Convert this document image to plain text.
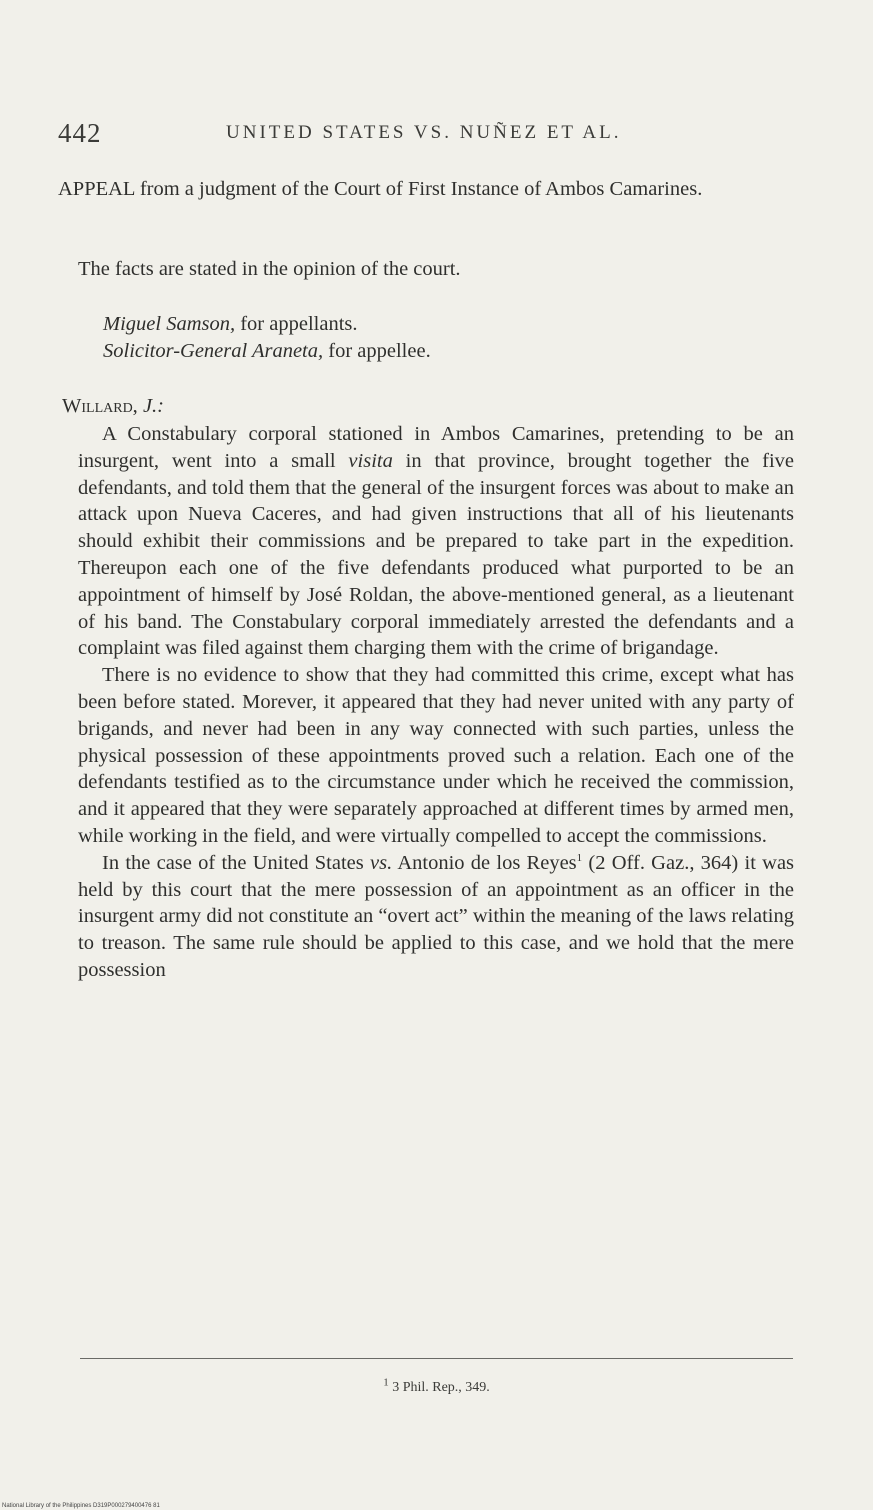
442	UNITED STATES VS. NUÑEZ ET AL.
APPEAL from a judgment of the Court of First Instance of Ambos Camarines.
The facts are stated in the opinion of the court.
Miguel Samson, for appellants.
Solicitor-General Araneta, for appellee.
Willard, J.:

A Constabulary corporal stationed in Ambos Camarines, pretending to be an insurgent, went into a small visita in that province, brought together the five defendants, and told them that the general of the insurgent forces was about to make an attack upon Nueva Caceres, and had given instructions that all of his lieutenants should exhibit their commissions and be prepared to take part in the expedition. Thereupon each one of the five defendants produced what purported to be an appointment of himself by José Roldan, the above-mentioned general, as a lieutenant of his band. The Constabulary corporal immediately arrested the defendants and a complaint was filed against them charging them with the crime of brigandage.

There is no evidence to show that they had committed this crime, except what has been before stated. Morever, it appeared that they had never united with any party of brigands, and never had been in any way connected with such parties, unless the physical possession of these appointments proved such a relation. Each one of the defendants testified as to the circumstance under which he received the commission, and it appeared that they were separately approached at different times by armed men, while working in the field, and were virtually compelled to accept the commissions.

In the case of the United States vs. Antonio de los Reyes$^1$ (2 Off. Gaz., 364) it was held by this court that the mere possession of an appointment as an officer in the insurgent army did not constitute an “overt act” within the meaning of the laws relating to treason. The same rule should be applied to this case, and we hold that the mere possession

$^1$ 3 Phil. Rep., 349.
National Library of the Philippines D319P000279400476 81
